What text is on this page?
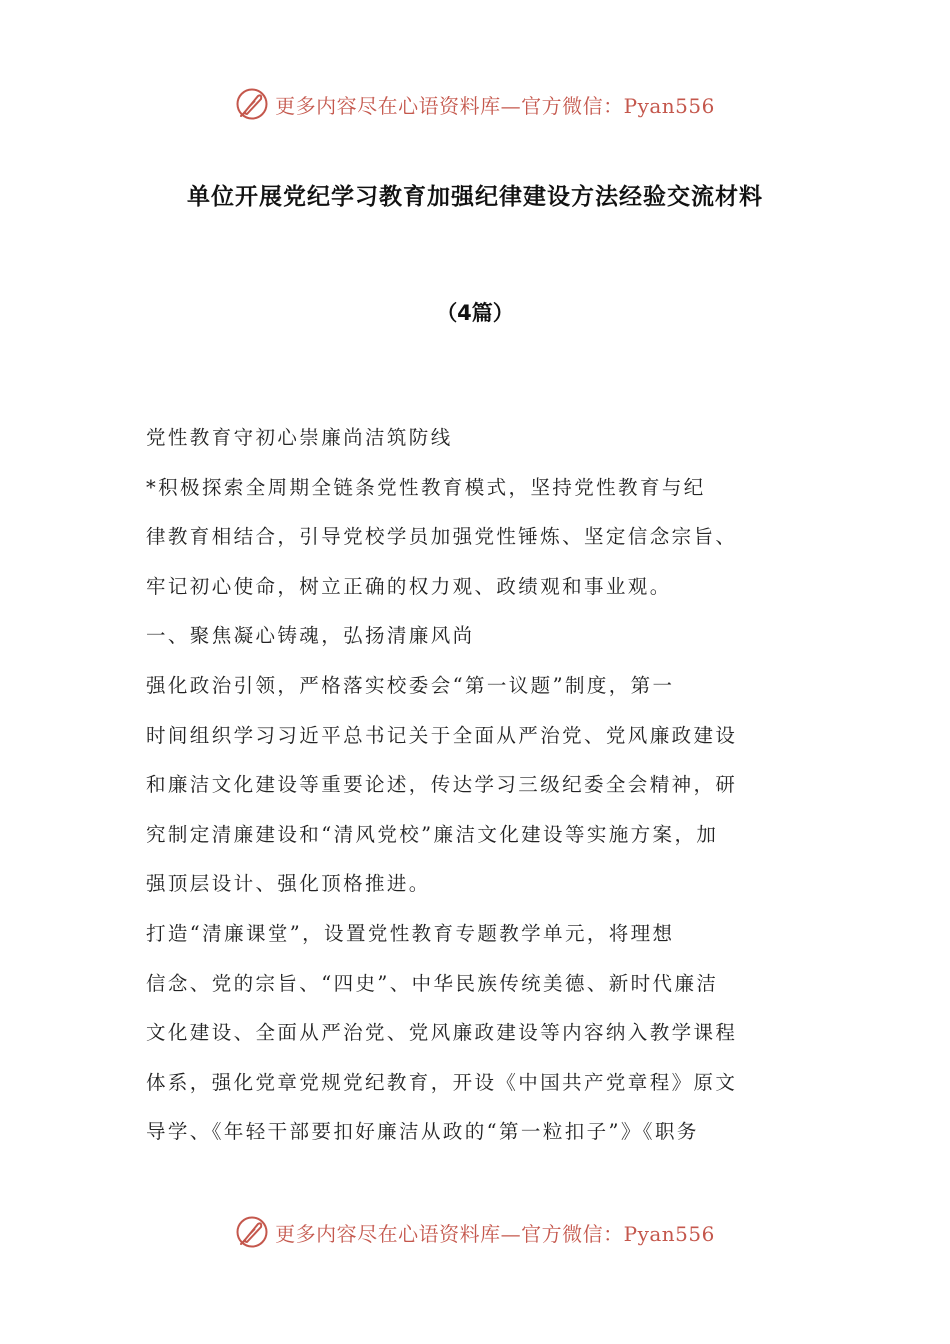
更多内容尽在心语资料库—官方微信：Pyan556
单位开展党纪学习教育加强纪律建设方法经验交流材料
（4篇）
党性教育守初心崇廉尚洁筑防线
*积极探索全周期全链条党性教育模式，坚持党性教育与纪
律教育相结合，引导党校学员加强党性锤炼、坚定信念宗旨、
牢记初心使命，树立正确的权力观、政绩观和事业观。
一、聚焦凝心铸魂，弘扬清廉风尚
强化政治引领，严格落实校委会“第一议题”制度，第一
时间组织学习习近平总书记关于全面从严治党、党风廉政建设
和廉洁文化建设等重要论述，传达学习三级纪委全会精神，研
究制定清廉建设和“清风党校”廉洁文化建设等实施方案，加
强顶层设计、强化顶格推进。
打造“清廉课堂”，设置党性教育专题教学单元，将理想
信念、党的宗旨、“四史”、中华民族传统美德、新时代廉洁
文化建设、全面从严治党、党风廉政建设等内容纳入教学课程
体系，强化党章党规党纪教育，开设《中国共产党章程》原文
导学、《年轻干部要扣好廉洁从政的“第一粒扣子”》《职务
更多内容尽在心语资料库—官方微信：Pyan556
